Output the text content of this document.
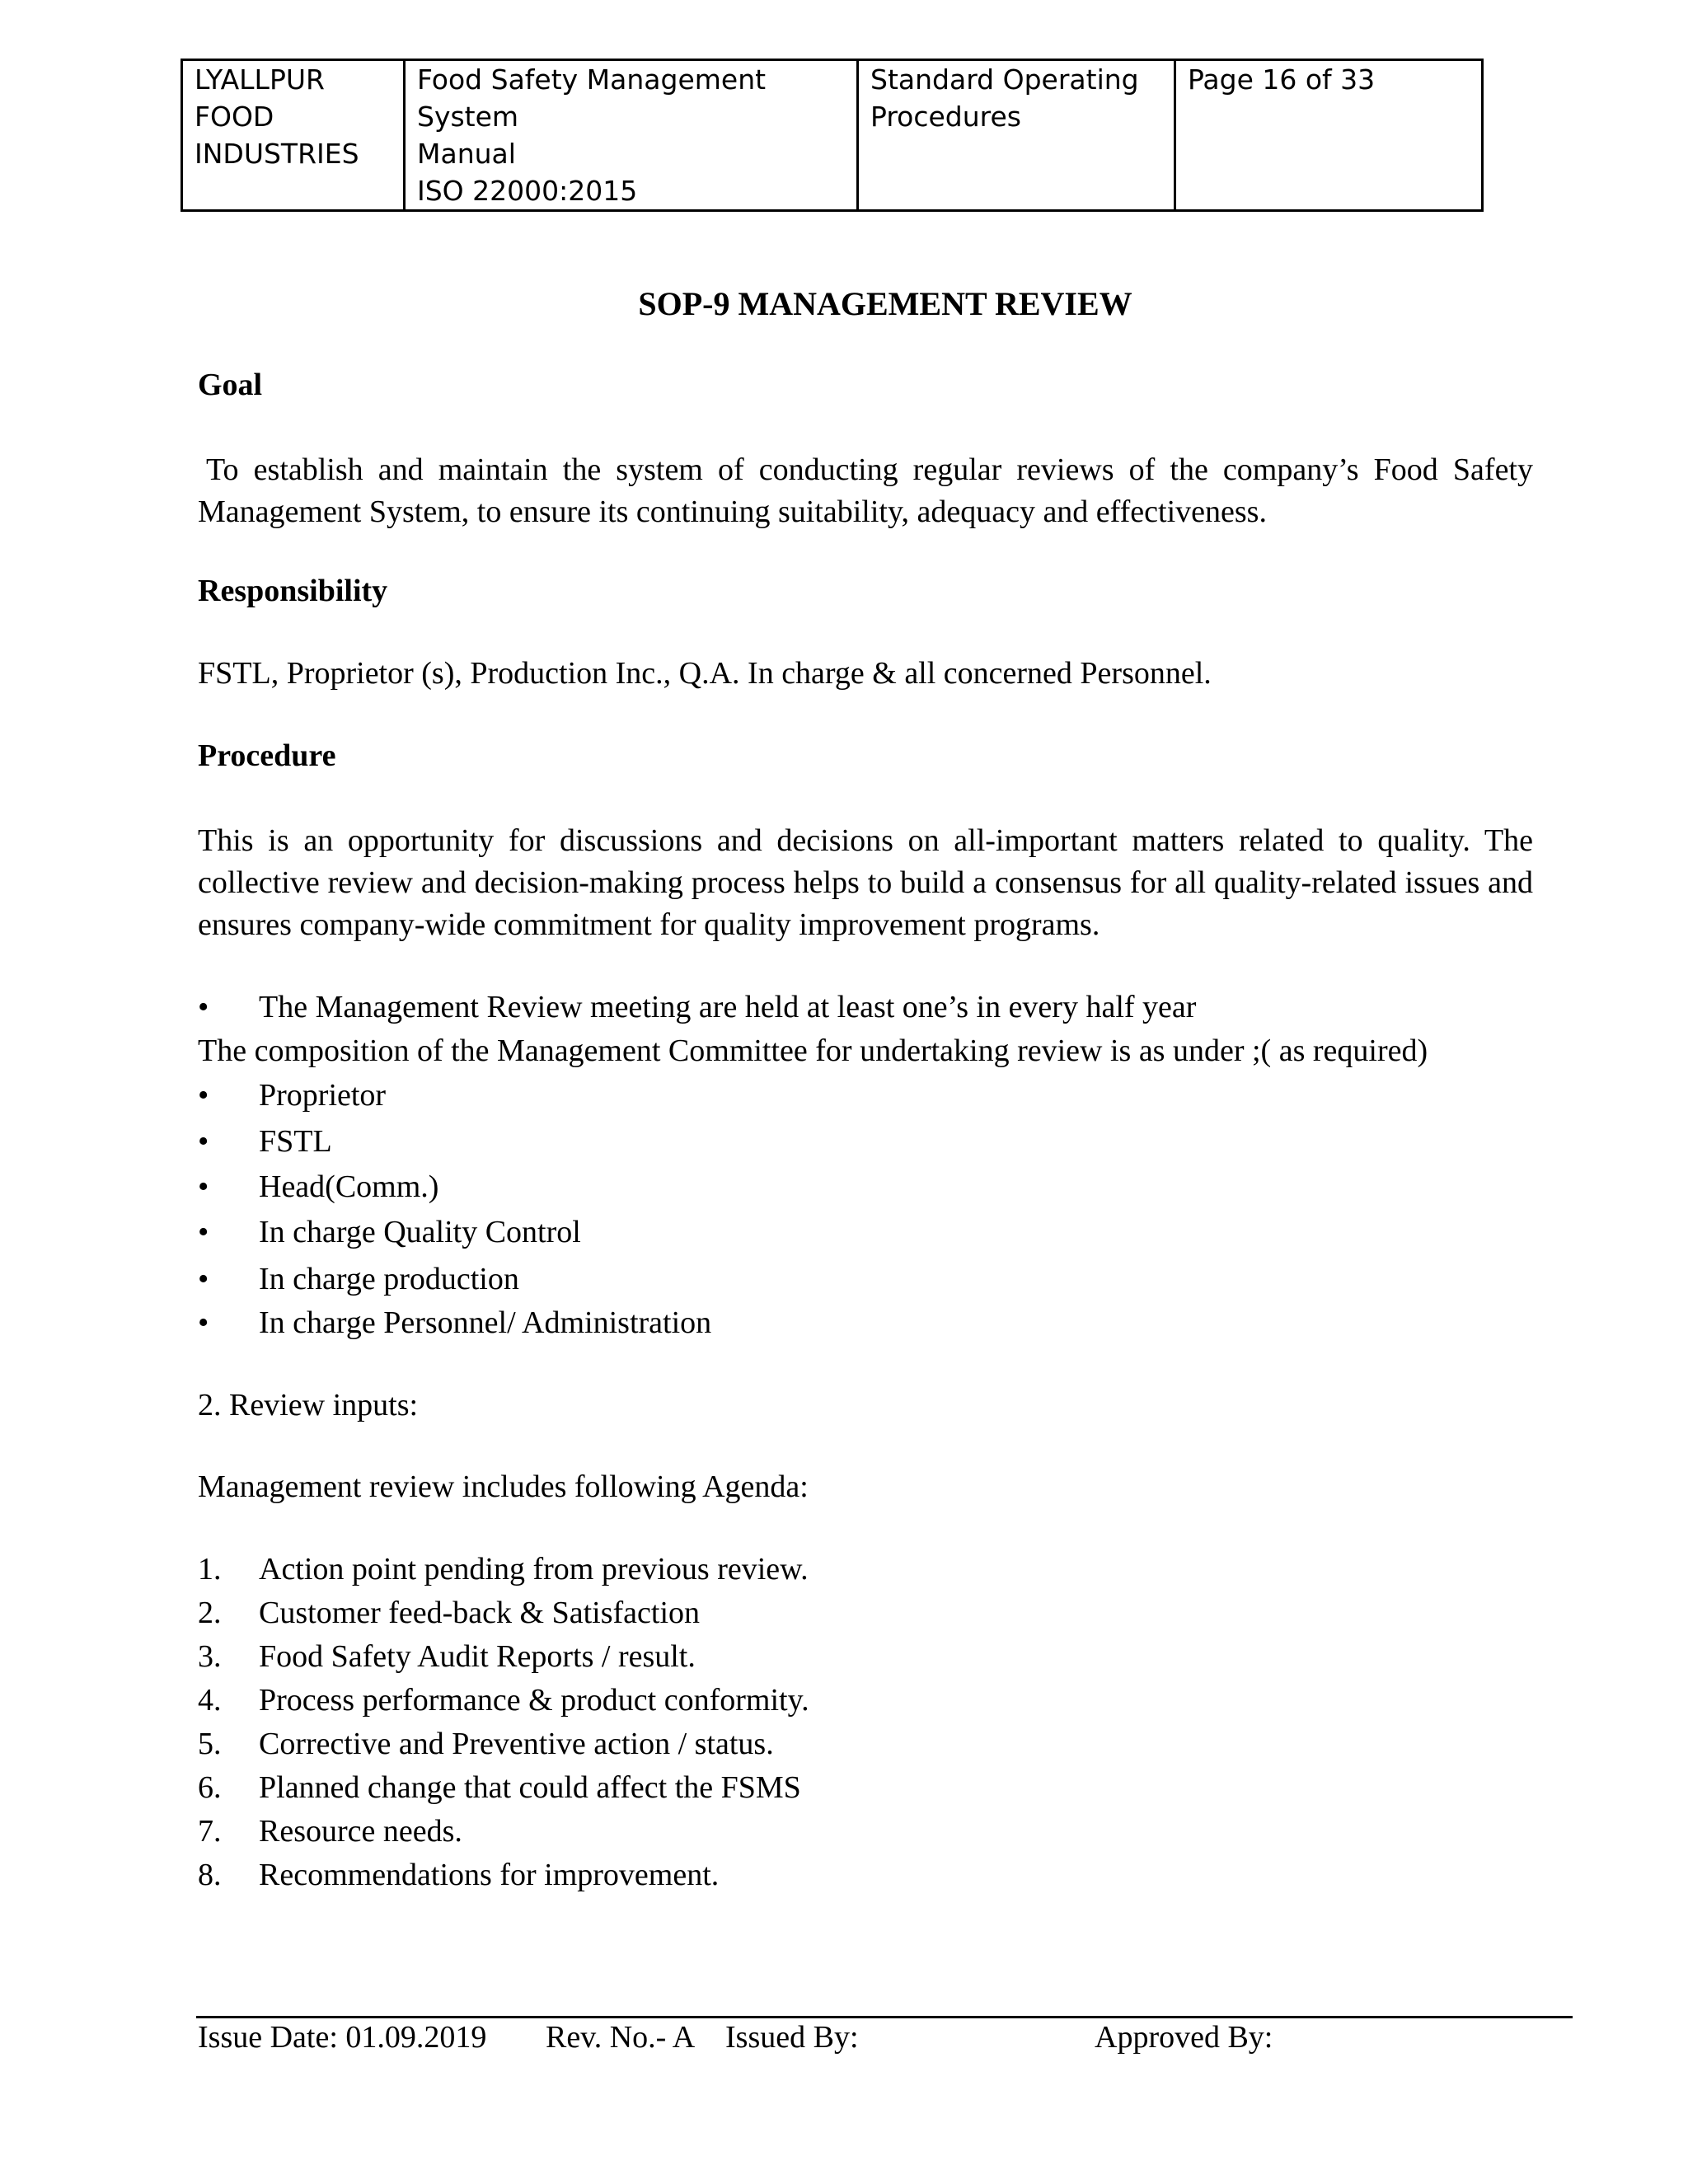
LYALLPUR
FOOD
INDUSTRIES

Food Safety Management System
Manual
ISO 22000:2015

Standard Operating
Procedures

Page 16 of 33
SOP-9 MANAGEMENT REVIEW
Goal
To establish and maintain the system of conducting regular reviews of the company’s Food Safety Management System, to ensure its continuing suitability, adequacy and effectiveness.
Responsibility
FSTL, Proprietor (s), Production Inc., Q.A. In charge & all concerned Personnel.
Procedure
This is an opportunity for discussions and decisions on all-important matters related to quality. The collective review and decision-making process helps to build a consensus for all quality-related issues and ensures company-wide commitment for quality improvement programs.
•	The Management Review meeting are held at least one’s in every half year
The composition of the Management Committee for undertaking review is as under ;( as required)
•	Proprietor
•	FSTL
•	Head(Comm.)
•	In charge Quality Control
•	In charge production
•	In charge Personnel/ Administration
2. Review inputs:
Management review includes following Agenda:
1. Action point pending from previous review.
2. Customer feed-back & Satisfaction
3. Food Safety Audit Reports / result.
4. Process performance & product conformity.
5. Corrective and Preventive action / status.
6. Planned change that could affect the FSMS
7. Resource needs.
8. Recommendations for improvement.
Issue Date: 01.09.2019 Rev. No.- A Issued By:	Approved By:
